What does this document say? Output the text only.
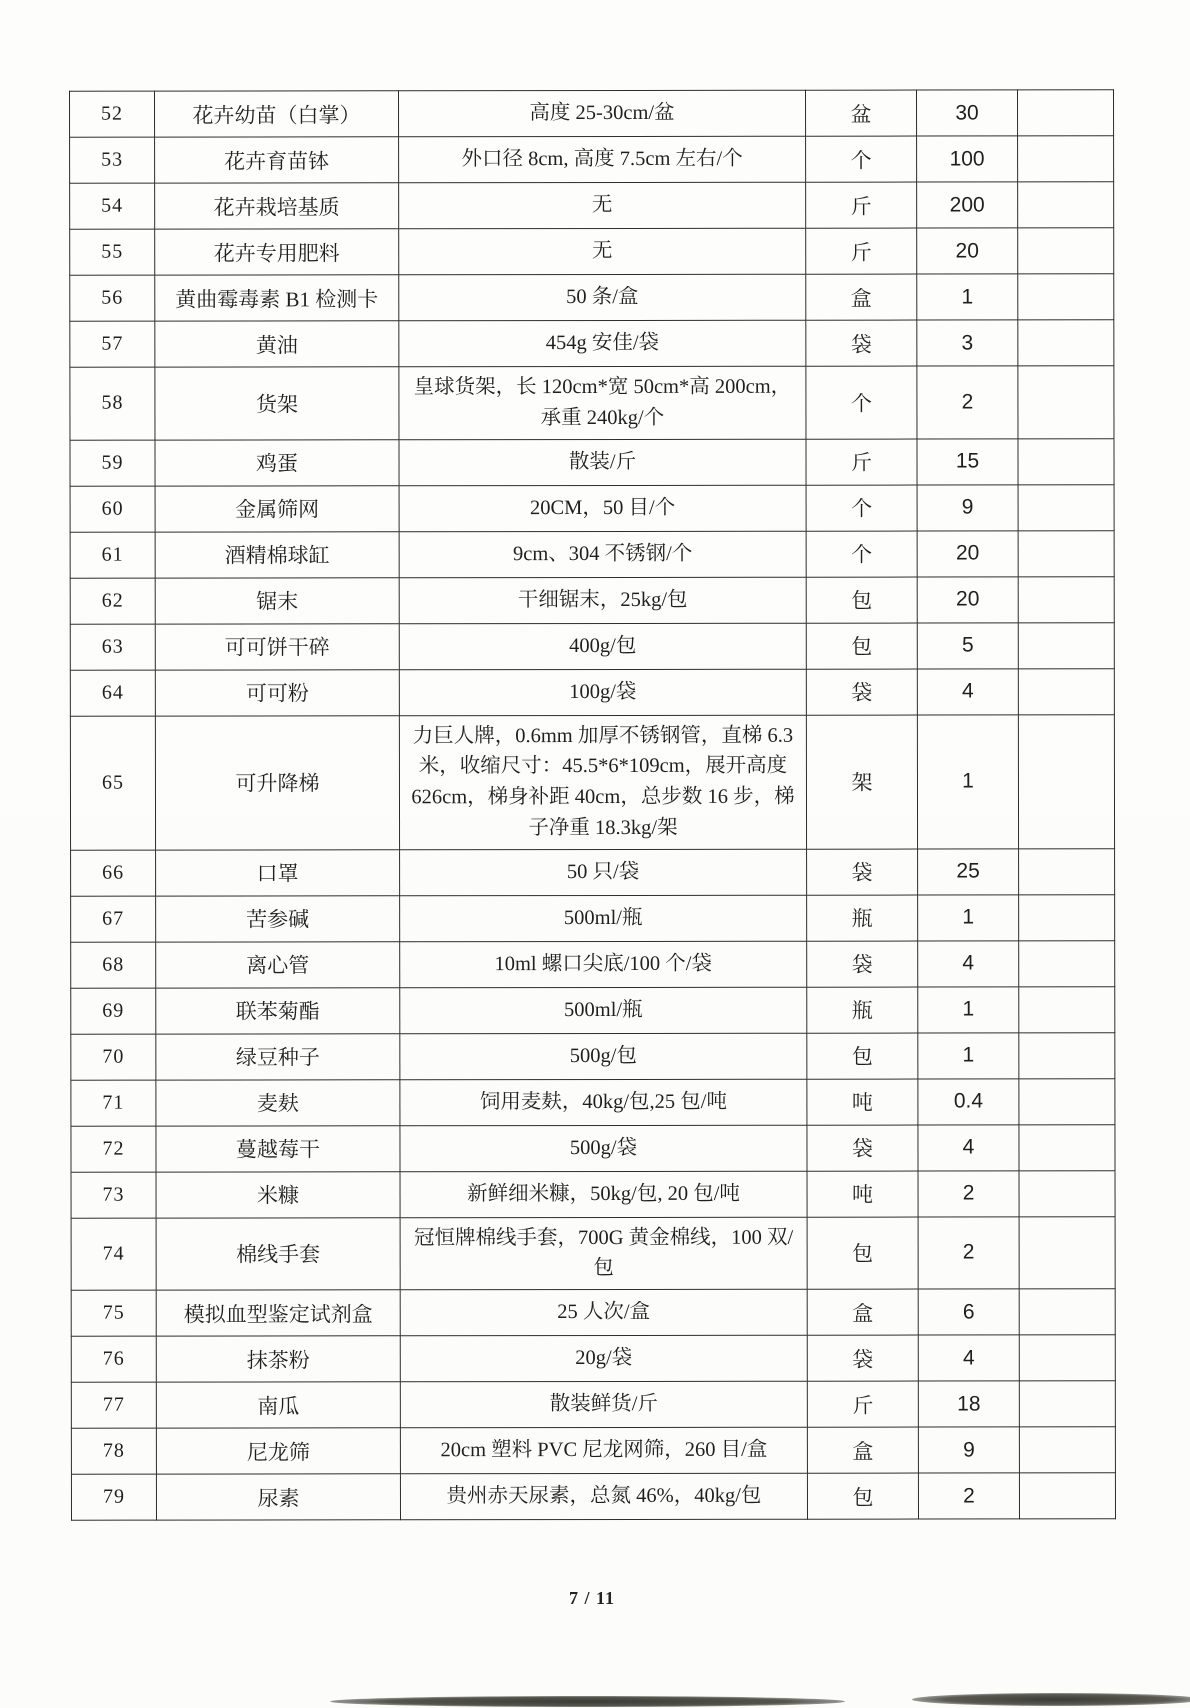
52	花卉幼苗（白掌）	高度 25-30cm/盆	盆	30	
53	花卉育苗钵	外口径 8cm, 高度 7.5cm 左右/个	个	100	
54	花卉栽培基质	无	斤	200	
55	花卉专用肥料	无	斤	20	
56	黄曲霉毒素 B1 检测卡	50 条/盒	盒	1	
57	黄油	454g 安佳/袋	袋	3	
58	货架	皇球货架，长 120cm*宽 50cm*高 200cm，承重 240kg/个	个	2	
59	鸡蛋	散装/斤	斤	15	
60	金属筛网	20CM，50 目/个	个	9	
61	酒精棉球缸	9cm、304 不锈钢/个	个	20	
62	锯末	干细锯末，25kg/包	包	20	
63	可可饼干碎	400g/包	包	5	
64	可可粉	100g/袋	袋	4	
65	可升降梯	力巨人牌，0.6mm 加厚不锈钢管，直梯 6.3 米，收缩尺寸：45.5*6*109cm，展开高度 626cm，梯身补距 40cm，总步数 16 步，梯子净重 18.3kg/架	架	1	
66	口罩	50 只/袋	袋	25	
67	苦参碱	500ml/瓶	瓶	1	
68	离心管	10ml 螺口尖底/100 个/袋	袋	4	
69	联苯菊酯	500ml/瓶	瓶	1	
70	绿豆种子	500g/包	包	1	
71	麦麸	饲用麦麸，40kg/包,25 包/吨	吨	0.4	
72	蔓越莓干	500g/袋	袋	4	
73	米糠	新鲜细米糠，50kg/包, 20 包/吨	吨	2	
74	棉线手套	冠恒牌棉线手套，700G 黄金棉线，100 双/包	包	2	
75	模拟血型鉴定试剂盒	25 人次/盒	盒	6	
76	抹茶粉	20g/袋	袋	4	
77	南瓜	散装鲜货/斤	斤	18	
78	尼龙筛	20cm 塑料 PVC 尼龙网筛，260 目/盒	盒	9	
79	尿素	贵州赤天尿素，总氮 46%，40kg/包	包	2	
7 / 11
